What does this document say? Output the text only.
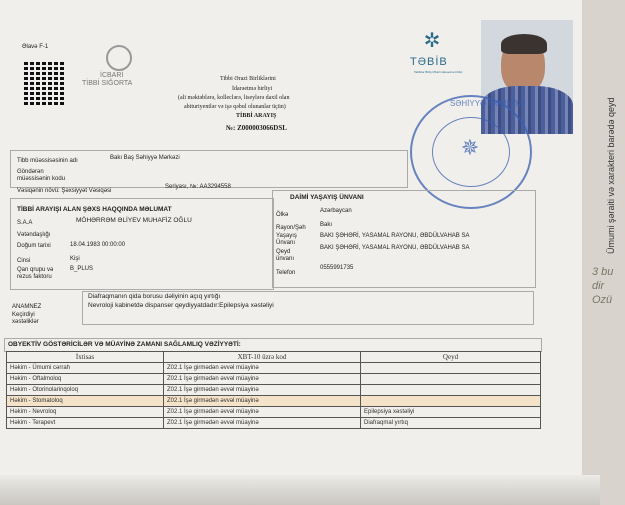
Ümumi şəraiti və xarakteri barədə qeyd
3 bu dir Ozü
Əlavə F-1
İCBARİ
TİBBİ SIĞORTA
Tibbi Ərazi Birliklərini
İdarəetmə birliyi
(ali məktəblərə, kolleclərə, liseylərə daxil olan
abituriyentlər və işə qəbul olunanlar üçün)
TİBBİ ARAYIŞ
№: Z000003066DSL
✲
TƏBİB
Tabiblər Birliyi Ərazi idarəetmə birliyi
SƏHİYYƏ MƏRKƏZİ
✵
Tibb müəssisəsinin adı	Bakı Baş Səhiyyə Mərkəzi
Göndərən müəssisənin kodu
Vəsiqənin növü: Şəxsiyyət Vəsiqəsi
Seriyası, №: AA3294558
TİBBİ ARAYIŞI ALAN ŞƏXS HAQQINDA MƏLUMAT
S.A.A	MÖHƏRRƏM ƏLİYEV MUHAFİZ OĞLU
Vətəndaşlığı
Doğum tarixi	18.04.1983 00:00:00
Cinsi	Kişi
Qan qrupu və rezus faktoru
B_PLUS
DAİMİ YAŞAYIŞ ÜNVANI
Ölkə
Azərbaycan
Rayon/Şəh Bakı
Yaşayış Ünvanı
BAKI ŞƏHƏRİ, YASAMAL RAYONU, ƏBDÜLVAHAB SA
Qeyd ünvanı
BAKI ŞƏHƏRİ, YASAMAL RAYONU, ƏBDÜLVAHAB SA
Telefon
0555991735
ANAMNEZ
Keçirdiyi xəstəliklər
Diafraqmanın qida borusu dəliyinin açıq yırtığı
Nevroloji kabinetdə dispanser qeydiyyatdadır:Epilepsiya xəstəliyi
OBYEKTİV GÖSTƏRİCİLƏR VƏ MÜAYİNƏ ZAMANI SAĞLAMLIQ VƏZİYYƏTİ:
İxtisas	XBT-10 üzrə kod	Qeyd
Həkim - Ümumi cərrah	Z02.1 İşə girmədən əvvəl müayinə	
Həkim - Oftalmoloq	Z02.1 İşə girmədən əvvəl müayinə	
Həkim - Otorinolarinqoloq	Z02.1 İşə girmədən əvvəl müayinə	
Həkim - Stomatoloq	Z02.1 İşə girmədən əvvəl müayinə	
Həkim - Nevroloq	Z02.1 İşə girmədən əvvəl müayinə	Epilepsiya xəstəliyi
Həkim - Terapevt	Z02.1 İşə girmədən əvvəl müayinə	Diafraqmal yırtıq
